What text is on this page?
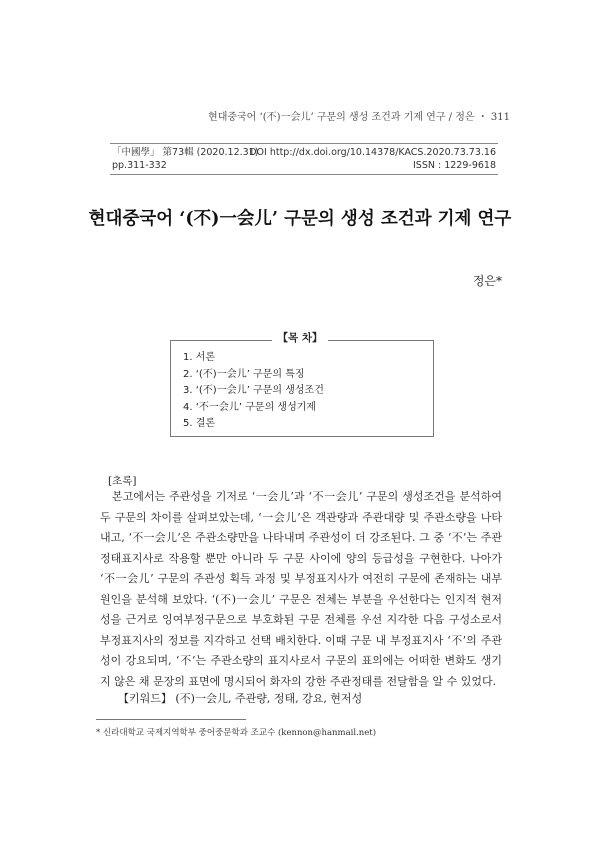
현대중국어 ‘(不)一会儿’ 구문의 생성 조건과 기제 연구 / 정은 ・ 311
「中國學」 第73輯 (2020.12.31)
DOI http://dx.doi.org/10.14378/KACS.2020.73.73.16
pp.311-332	ISSN : 1229-9618
현대중국어 ‘(不)一会儿’ 구문의 생성 조건과 기제 연구
정은*
【목 차】
1. 서론
2. ‘(不)一会儿’ 구문의 특징
3. ‘(不)一会儿’ 구문의 생성조건
4. ‘不一会儿’ 구문의 생성기제
5. 결론
[초록]
본고에서는 주관성을 기저로 ‘一会儿’과 ‘不一会儿’ 구문의 생성조건을 분석하여 두 구문의 차이를 살펴보았는데, ‘一会儿’은 객관량과 주관대량 및 주관소량을 나타내고, ‘不一会儿’은 주관소량만을 나타내며 주관성이 더 강조된다. 그 중 ‘不’는 주관정태표지사로 작용할 뿐만 아니라 두 구문 사이에 양의 등급성을 구현한다. 나아가 ‘不一会儿’ 구문의 주관성 획득 과정 및 부정표지사가 여전히 구문에 존재하는 내부 원인을 분석해 보았다. ‘(不)一会儿’ 구문은 전체는 부분을 우선한다는 인지적 현저성을 근거로 잉여부정구문으로 부호화된 구문 전체를 우선 지각한 다음 구성소로서 부정표지사의 정보를 지각하고 선택 배치한다. 이때 구문 내 부정표지사 ‘不’의 주관성이 강요되며, ‘不’는 주관소량의 표지사로서 구문의 표의에는 어떠한 변화도 생기지 않은 채 문장의 표면에 명시되어 화자의 강한 주관정태를 전달함을 알 수 있었다.
【키워드】 (不)一会儿, 주관량, 정태, 강요, 현저성
* 신라대학교 국제지역학부 중어중문학과 조교수 (kennon@hanmail.net)
